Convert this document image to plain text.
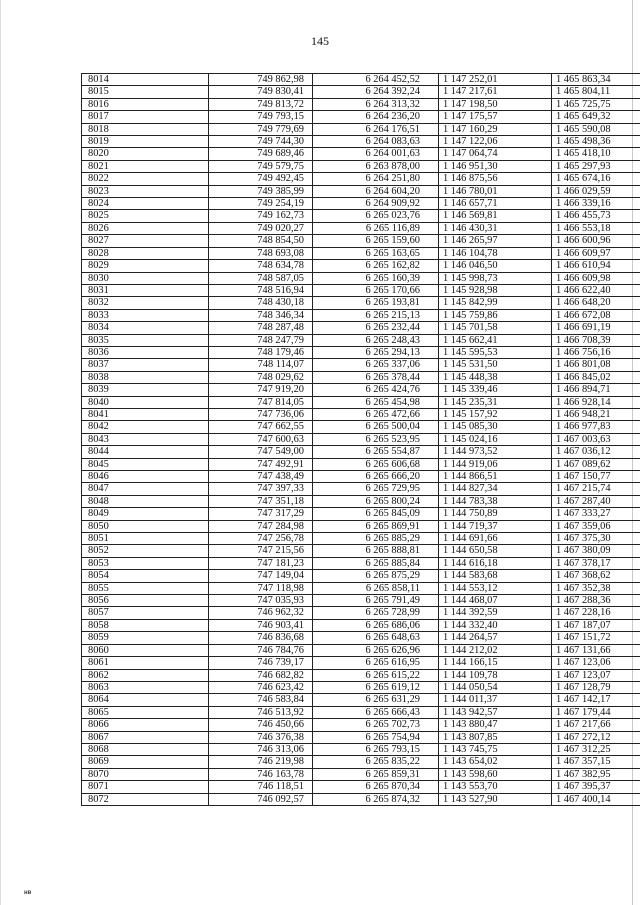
145
8014	749 862,98	6 264 452,52	1 147 252,01	1 465 863,34
8015	749 830,41	6 264 392,24	1 147 217,61	1 465 804,11
8016	749 813,72	6 264 313,32	1 147 198,50	1 465 725,75
8017	749 793,15	6 264 236,20	1 147 175,57	1 465 649,32
8018	749 779,69	6 264 176,51	1 147 160,29	1 465 590,08
8019	749 744,30	6 264 083,63	1 147 122,06	1 465 498,36
8020	749 689,46	6 264 001,63	1 147 064,74	1 465 418,10
8021	749 579,75	6 263 878,00	1 146 951,30	1 465 297,93
8022	749 492,45	6 264 251,80	1 146 875,56	1 465 674,16
8023	749 385,99	6 264 604,20	1 146 780,01	1 466 029,59
8024	749 254,19	6 264 909,92	1 146 657,71	1 466 339,16
8025	749 162,73	6 265 023,76	1 146 569,81	1 466 455,73
8026	749 020,27	6 265 116,89	1 146 430,31	1 466 553,18
8027	748 854,50	6 265 159,60	1 146 265,97	1 466 600,96
8028	748 693,08	6 265 163,65	1 146 104,78	1 466 609,97
8029	748 634,78	6 265 162,82	1 146 046,50	1 466 610,94
8030	748 587,05	6 265 160,39	1 145 998,73	1 466 609,98
8031	748 516,94	6 265 170,66	1 145 928,98	1 466 622,40
8032	748 430,18	6 265 193,81	1 145 842,99	1 466 648,20
8033	748 346,34	6 265 215,13	1 145 759,86	1 466 672,08
8034	748 287,48	6 265 232,44	1 145 701,58	1 466 691,19
8035	748 247,79	6 265 248,43	1 145 662,41	1 466 708,39
8036	748 179,46	6 265 294,13	1 145 595,53	1 466 756,16
8037	748 114,07	6 265 337,06	1 145 531,50	1 466 801,08
8038	748 029,62	6 265 378,44	1 145 448,38	1 466 845,02
8039	747 919,20	6 265 424,76	1 145 339,46	1 466 894,71
8040	747 814,05	6 265 454,98	1 145 235,31	1 466 928,14
8041	747 736,06	6 265 472,66	1 145 157,92	1 466 948,21
8042	747 662,55	6 265 500,04	1 145 085,30	1 466 977,83
8043	747 600,63	6 265 523,95	1 145 024,16	1 467 003,63
8044	747 549,00	6 265 554,87	1 144 973,52	1 467 036,12
8045	747 492,91	6 265 606,68	1 144 919,06	1 467 089,62
8046	747 438,49	6 265 666,20	1 144 866,51	1 467 150,77
8047	747 397,33	6 265 729,95	1 144 827,34	1 467 215,74
8048	747 351,18	6 265 800,24	1 144 783,38	1 467 287,40
8049	747 317,29	6 265 845,09	1 144 750,89	1 467 333,27
8050	747 284,98	6 265 869,91	1 144 719,37	1 467 359,06
8051	747 256,78	6 265 885,29	1 144 691,66	1 467 375,30
8052	747 215,56	6 265 888,81	1 144 650,58	1 467 380,09
8053	747 181,23	6 265 885,84	1 144 616,18	1 467 378,17
8054	747 149,04	6 265 875,29	1 144 583,68	1 467 368,62
8055	747 118,98	6 265 858,11	1 144 553,12	1 467 352,38
8056	747 035,93	6 265 791,49	1 144 468,07	1 467 288,36
8057	746 962,32	6 265 728,99	1 144 392,59	1 467 228,16
8058	746 903,41	6 265 686,06	1 144 332,40	1 467 187,07
8059	746 836,68	6 265 648,63	1 144 264,57	1 467 151,72
8060	746 784,76	6 265 626,96	1 144 212,02	1 467 131,66
8061	746 739,17	6 265 616,95	1 144 166,15	1 467 123,06
8062	746 682,82	6 265 615,22	1 144 109,78	1 467 123,07
8063	746 623,42	6 265 619,12	1 144 050,54	1 467 128,79
8064	746 583,84	6 265 631,29	1 144 011,37	1 467 142,17
8065	746 513,92	6 265 666,43	1 143 942,57	1 467 179,44
8066	746 450,66	6 265 702,73	1 143 880,47	1 467 217,66
8067	746 376,38	6 265 754,94	1 143 807,85	1 467 272,12
8068	746 313,06	6 265 793,15	1 143 745,75	1 467 312,25
8069	746 219,98	6 265 835,22	1 143 654,02	1 467 357,15
8070	746 163,78	6 265 859,31	1 143 598,60	1 467 382,95
8071	746 118,51	6 265 870,34	1 143 553,70	1 467 395,37
8072	746 092,57	6 265 874,32	1 143 527,90	1 467 400,14
нв
